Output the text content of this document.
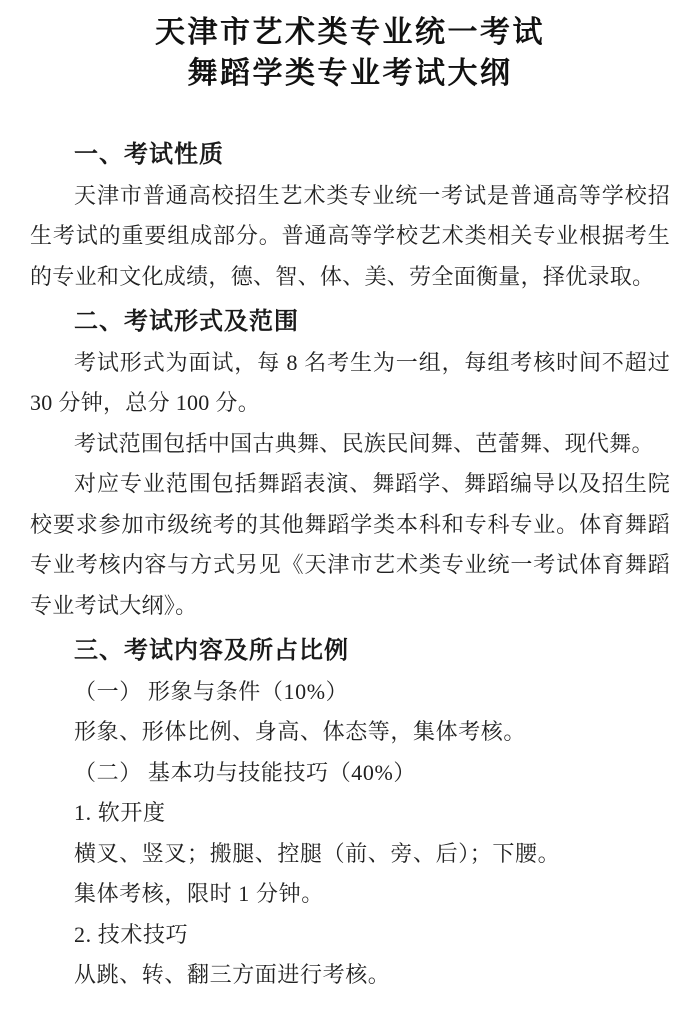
天津市艺术类专业统一考试
舞蹈学类专业考试大纲
一、考试性质

天津市普通高校招生艺术类专业统一考试是普通高等学校招生考试的重要组成部分。普通高等学校艺术类相关专业根据考生的专业和文化成绩，德、智、体、美、劳全面衡量，择优录取。

二、考试形式及范围

考试形式为面试，每 8 名考生为一组，每组考核时间不超过 30 分钟，总分 100 分。

考试范围包括中国古典舞、民族民间舞、芭蕾舞、现代舞。

对应专业范围包括舞蹈表演、舞蹈学、舞蹈编导以及招生院校要求参加市级统考的其他舞蹈学类本科和专科专业。体育舞蹈专业考核内容与方式另见《天津市艺术类专业统一考试体育舞蹈专业考试大纲》。

三、考试内容及所占比例

（一） 形象与条件（10%）

形象、形体比例、身高、体态等，集体考核。

（二） 基本功与技能技巧（40%）

1. 软开度

横叉、竖叉；搬腿、控腿（前、旁、后）；下腰。

集体考核，限时 1 分钟。

2. 技术技巧

从跳、转、翻三方面进行考核。
